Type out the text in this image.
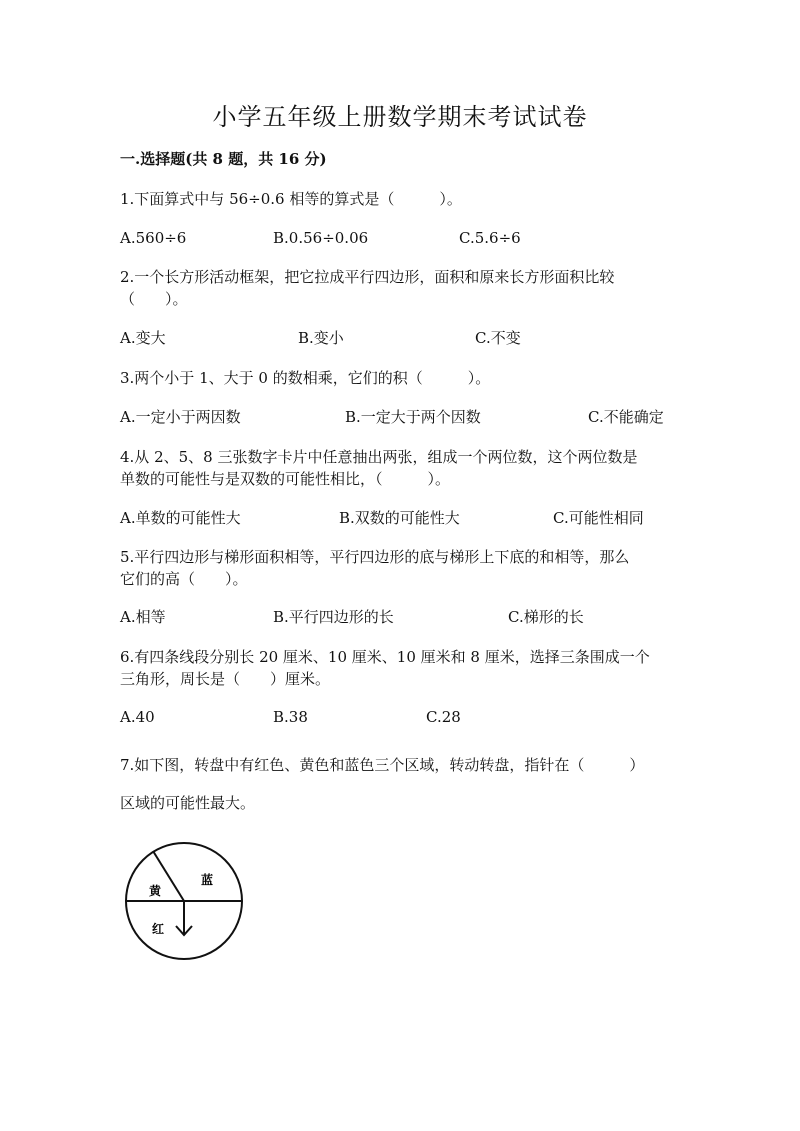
小学五年级上册数学期末考试试卷
一.选择题(共 8 题，共 16 分)
1.下面算式中与 56÷0.6 相等的算式是（　　　）。
A.560÷6	B.0.56÷0.06	C.5.6÷6
2.一个长方形活动框架，把它拉成平行四边形，面积和原来长方形面积比较
（　　）。
A.变大	B.变小	C.不变
3.两个小于 1、大于 0 的数相乘，它们的积（　　　）。
A.一定小于两因数	B.一定大于两个因数	C.不能确定
4.从 2、5、8 三张数字卡片中任意抽出两张，组成一个两位数，这个两位数是
单数的可能性与是双数的可能性相比，（　　　）。
A.单数的可能性大	B.双数的可能性大	C.可能性相同
5.平行四边形与梯形面积相等，平行四边形的底与梯形上下底的和相等，那么
它们的高（　　）。
A.相等	B.平行四边形的长	C.梯形的长
6.有四条线段分别长 20 厘米、10 厘米、10 厘米和 8 厘米，选择三条围成一个
三角形，周长是（　　）厘米。
A.40	B.38	C.28
7.如下图，转盘中有红色、黄色和蓝色三个区域，转动转盘，指针在（　　　）
区域的可能性最大。
黄
蓝
红
